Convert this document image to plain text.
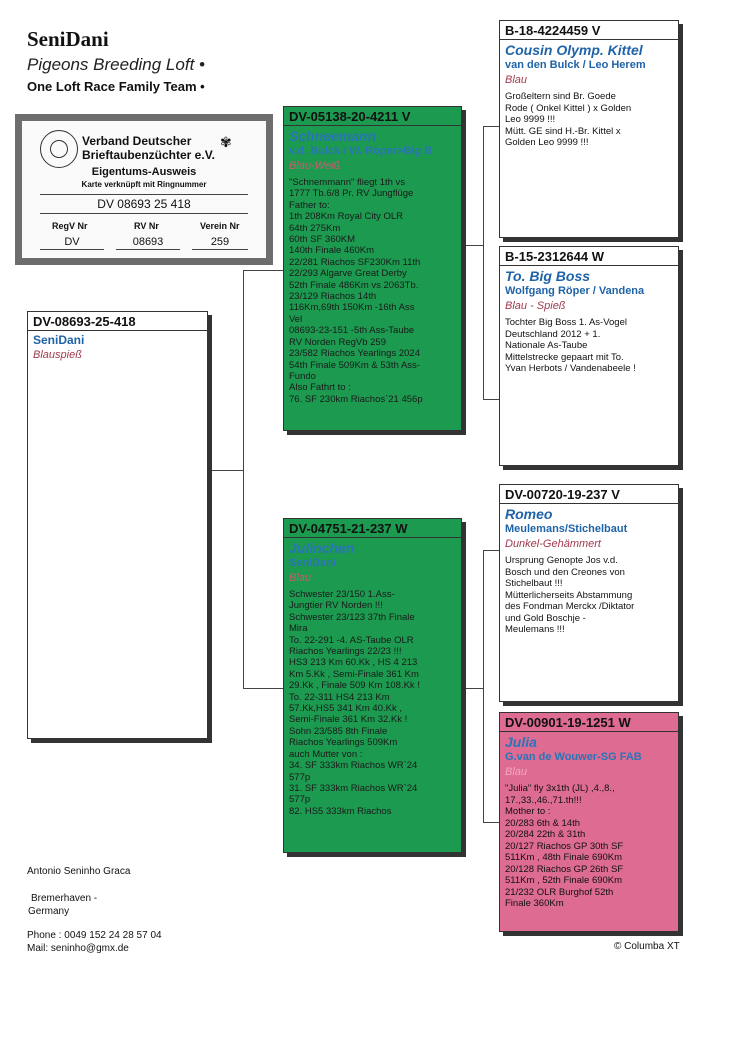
SeniDani
Pigeons Breeding Loft •
One Loft Race Family Team •
Verband Deutscher
Brieftaubenzüchter e.V.
✾
Eigentums-Ausweis
Karte verknüpft mit Ringnummer
DV 08693 25 418
RegV Nr	RV Nr	Verein Nr
DV	08693	259
DV-08693-25-418
SeniDani
Blauspieß
DV-05138-20-4211 V
Schneemann
v.d. Bulck / W. Röper>Big B
Blau-Weiß
"Schnemmann" fliegt 1th vs
1777 Tb.6/8 Pr. RV Jungflüge
Father to:
1th 208Km Royal City OLR
64th 275Km
60th SF 360KM
140th Finale 460Km
22/281 Riachos SF230Km 11th
22/293 Algarve Great Derby
52th Finale 486Km vs 2063Tb.
23/129 Riachos 14th
116Km,69th 150Km -16th Ass
Vel
08693-23-151 -5th Ass-Taube
RV Norden RegVb 259
23/582 Riachos Yearlings 2024
54th Finale 509Km & 53th Ass-
Fundo
Also Fathrt to :
76. SF 230km Riachos`21 456p
DV-04751-21-237 W
Julinchen
SeniDani
Blau
Schwester 23/150 1.Ass-
Jungtier RV Norden !!!
Schwester 23/123 37th Finale
Mira
To. 22-291 -4. AS-Taube OLR
Riachos Yearlings 22/23 !!!
HS3 213 Km 60.Kk , HS 4 213
Km 5.Kk , Semi-Finale 361 Km
29.Kk , Finale 509 Km 108.Kk !
To. 22-311 HS4 213 Km
57.Kk,HS5 341 Km 40.Kk ,
Semi-Finale 361 Km 32.Kk !
Sohn 23/585 8th Finale
Riachos Yearlings 509Km
auch Mutter von :
34. SF 333km Riachos WR`24
577p
31. SF 333km Riachos WR`24
577p
82. HS5 333km Riachos
B-18-4224459 V
Cousin Olymp. Kittel
van den Bulck / Leo Herem
Blau
Großeltern sind Br. Goede
Rode ( Onkel Kittel ) x Golden
Leo 9999 !!!
Mütt. GE sind H.-Br. Kittel x
Golden Leo 9999 !!!
B-15-2312644 W
To. Big Boss
Wolfgang Röper / Vandena
Blau - Spieß
Tochter Big Boss 1. As-Vogel
Deutschland 2012 + 1.
Nationale As-Taube
Mittelstrecke gepaart mit To.
Yvan Herbots / Vandenabeele !
DV-00720-19-237 V
Romeo
Meulemans/Stichelbaut
Dunkel-Gehämmert
Ursprung Genopte Jos v.d.
Bosch und den Creones von
Stichelbaut !!!
Mütterlicherseits Abstammung
des Fondman Merckx /Diktator
und Gold Boschje -
Meulemans !!!
DV-00901-19-1251 W
Julia
G.van de Wouwer-SG FAB
Blau
"Julia" fly 3x1th (JL) ,4.,8.,
17.,33.,46.,71.th!!!
Mother to :
20/283 6th & 14th
20/284 22th & 31th
20/127 Riachos GP 30th SF
511Km , 48th Finale 690Km
20/128 Riachos GP 26th SF
511Km , 52th Finale 690Km
21/232 OLR Burghof 52th
Finale 360Km
Antonio Seninho Graca
Bremerhaven -
Germany
Phone : 0049 152 24 28 57 04
Mail: seninho@gmx.de	© Columba XT
